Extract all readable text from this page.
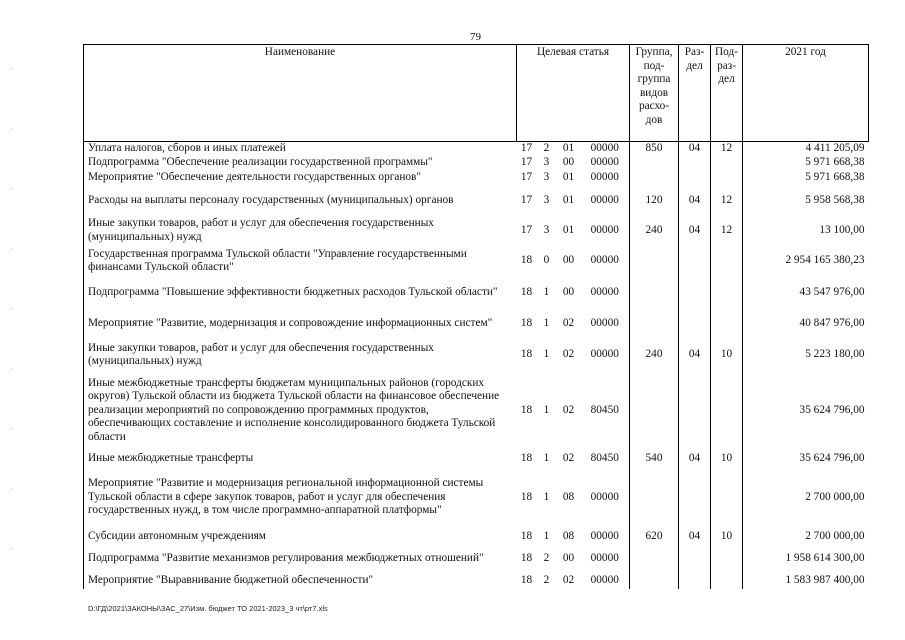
·
·
·
·
·
·
·
·
·
79
Наименование	Целевая статья				Группа, под-группа видов расхо-дов	Раз-дел	Под-раз-дел	2021 год
Уплата налогов, сборов и иных платежей	17	2	01	00000	850	04	12	4 411 205,09
Подпрограмма "Обеспечение реализации государственной программы"	17	3	00	00000				5 971 668,38
Мероприятие "Обеспечение деятельности государственных органов"	17	3	01	00000				5 971 668,38
Расходы на выплаты персоналу государственных (муниципальных) органов	17	3	01	00000	120	04	12	5 958 568,38
Иные закупки товаров, работ и услуг для обеспечения государственных (муниципальных) нужд	17	3	01	00000	240	04	12	13 100,00
Государственная программа Тульской области "Управление государственными финансами Тульской области"	18	0	00	00000				2 954 165 380,23
Подпрограмма "Повышение эффективности бюджетных расходов Тульской области"	18	1	00	00000				43 547 976,00
Мероприятие "Развитие, модернизация и сопровождение информационных систем"	18	1	02	00000				40 847 976,00
Иные закупки товаров, работ и услуг для обеспечения государственных (муниципальных) нужд	18	1	02	00000	240	04	10	5 223 180,00
Иные межбюджетные трансферты бюджетам муниципальных районов (городских округов) Тульской области из бюджета Тульской области на финансовое обеспечение реализации мероприятий по сопровождению программных продуктов, обеспечивающих составление и исполнение консолидированного бюджета Тульской области	18	1	02	80450				35 624 796,00
Иные межбюджетные трансферты	18	1	02	80450	540	04	10	35 624 796,00
Мероприятие "Развитие и модернизация региональной информационной системы Тульской области в сфере закупок товаров, работ и услуг для обеспечения государственных нужд, в том числе программно-аппаратной платформы"	18	1	08	00000				2 700 000,00
Субсидии автономным учреждениям	18	1	08	00000	620	04	10	2 700 000,00
Подпрограмма "Развитие механизмов регулирования межбюджетных отношений"	18	2	00	00000				1 958 614 300,00
Мероприятие "Выравнивание бюджетной обеспеченности"	18	2	02	00000				1 583 987 400,00
D:\ГД\2021\ЗАКОНЫ\ЗАС_27\Изм. бюджет ТО 2021-2023_3 чт\рт7.xls
